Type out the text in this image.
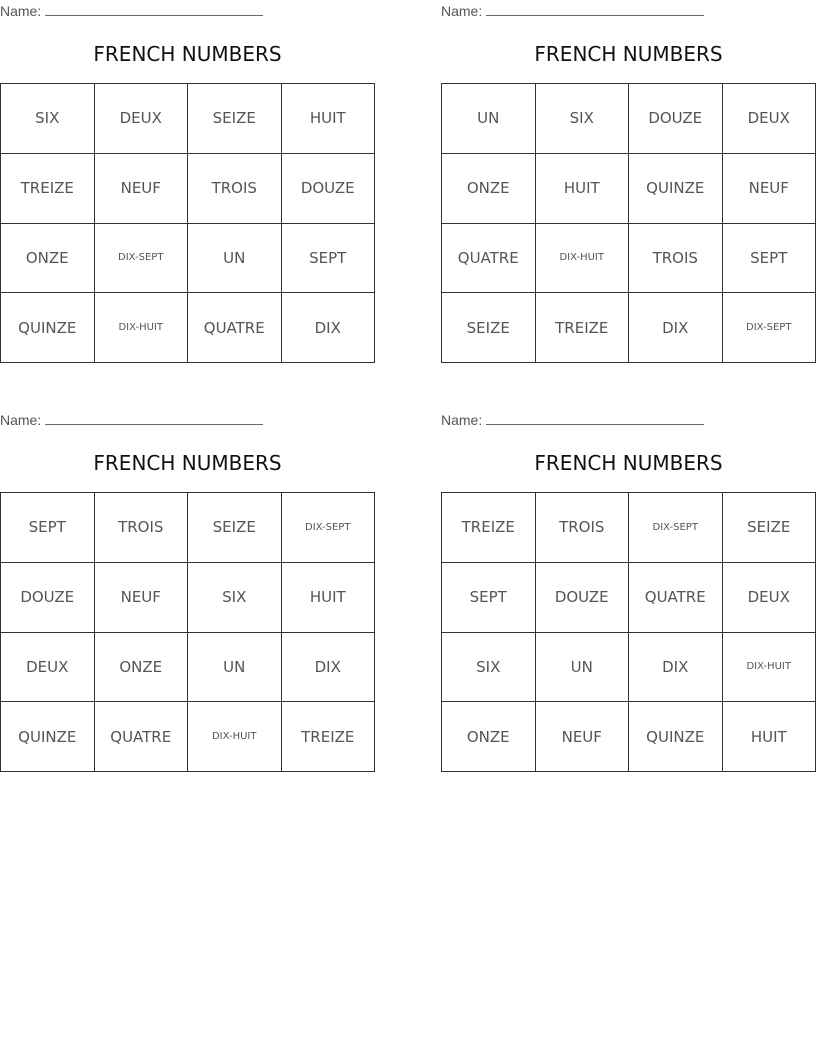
Name:
FRENCH NUMBERS
SIX	DEUX	SEIZE	HUIT
TREIZE	NEUF	TROIS	DOUZE
ONZE	DIX-SEPT	UN	SEPT
QUINZE	DIX-HUIT	QUATRE	DIX
Name:
FRENCH NUMBERS
UN	SIX	DOUZE	DEUX
ONZE	HUIT	QUINZE	NEUF
QUATRE	DIX-HUIT	TROIS	SEPT
SEIZE	TREIZE	DIX	DIX-SEPT
Name:
FRENCH NUMBERS
SEPT	TROIS	SEIZE	DIX-SEPT
DOUZE	NEUF	SIX	HUIT
DEUX	ONZE	UN	DIX
QUINZE	QUATRE	DIX-HUIT	TREIZE
Name:
FRENCH NUMBERS
TREIZE	TROIS	DIX-SEPT	SEIZE
SEPT	DOUZE	QUATRE	DEUX
SIX	UN	DIX	DIX-HUIT
ONZE	NEUF	QUINZE	HUIT
